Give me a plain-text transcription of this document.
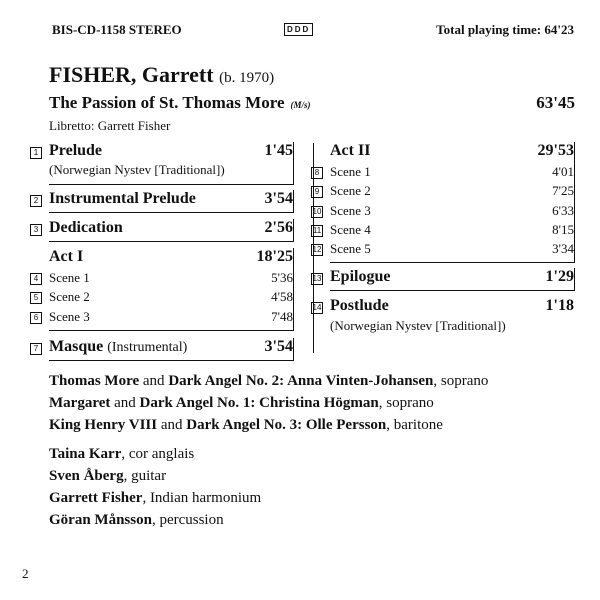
BIS-CD-1158 STEREO	DDD	Total playing time: 64'23
FISHER, Garrett (b. 1970)
The Passion of St. Thomas More (M/s)	63'45
Libretto: Garrett Fisher
1 Prelude	1'45
(Norwegian Nystev [Traditional])
2 Instrumental Prelude	3'54
3 Dedication	2'56
Act I	18'25
4 Scene 1	5'36
5 Scene 2	4'58
6 Scene 3	7'48
7 Masque (Instrumental)	3'54
Act II	29'53
8 Scene 1	4'01
9 Scene 2	7'25
10 Scene 3	6'33
11 Scene 4	8'15
12 Scene 5	3'34
13 Epilogue	1'29
14 Postlude	1'18
(Norwegian Nystev [Traditional])
Thomas More and Dark Angel No. 2: Anna Vinten-Johansen, soprano
Margaret and Dark Angel No. 1: Christina Högman, soprano
King Henry VIII and Dark Angel No. 3: Olle Persson, baritone
Taina Karr, cor anglais
Sven Åberg, guitar
Garrett Fisher, Indian harmonium
Göran Månsson, percussion
2
